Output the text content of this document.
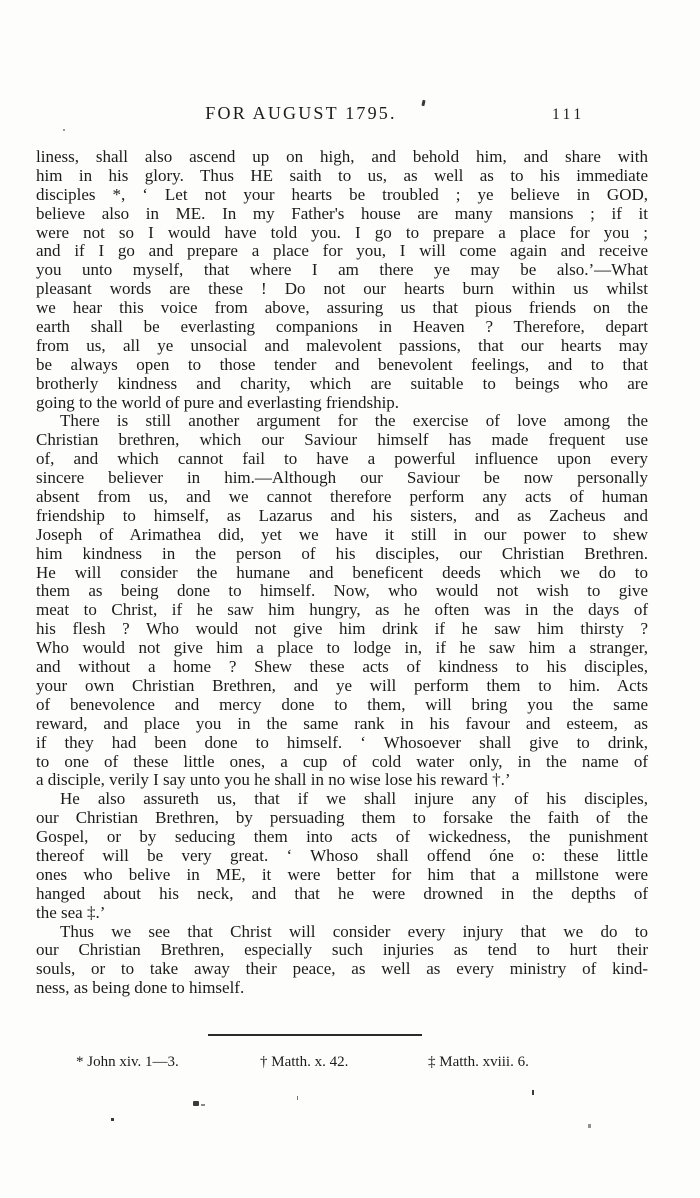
FOR AUGUST 1795.	111
liness, shall also ascend up on high, and behold him, and share with
him in his glory. Thus HE saith to us, as well as to his immediate
disciples *, ‘ Let not your hearts be troubled ; ye believe in GOD,
believe also in ME. In my Father's house are many mansions ; if it
were not so I would have told you. I go to prepare a place for you ;
and if I go and prepare a place for you, I will come again and receive
you unto myself, that where I am there ye may be also.’—What
pleasant words are these ! Do not our hearts burn within us whilst
we hear this voice from above, assuring us that pious friends on the
earth shall be everlasting companions in Heaven ? Therefore, depart
from us, all ye unsocial and malevolent passions, that our hearts may
be always open to those tender and benevolent feelings, and to that
brotherly kindness and charity, which are suitable to beings who are
going to the world of pure and everlasting friendship.
There is still another argument for the exercise of love among the
Christian brethren, which our Saviour himself has made frequent use
of, and which cannot fail to have a powerful influence upon every
sincere believer in him.—Although our Saviour be now personally
absent from us, and we cannot therefore perform any acts of human
friendship to himself, as Lazarus and his sisters, and as Zacheus and
Joseph of Arimathea did, yet we have it still in our power to shew
him kindness in the person of his disciples, our Christian Brethren.
He will consider the humane and beneficent deeds which we do to
them as being done to himself. Now, who would not wish to give
meat to Christ, if he saw him hungry, as he often was in the days of
his flesh ? Who would not give him drink if he saw him thirsty ?
Who would not give him a place to lodge in, if he saw him a stranger,
and without a home ? Shew these acts of kindness to his disciples,
your own Christian Brethren, and ye will perform them to him. Acts
of benevolence and mercy done to them, will bring you the same
reward, and place you in the same rank in his favour and esteem, as
if they had been done to himself. ‘ Whosoever shall give to drink,
to one of these little ones, a cup of cold water only, in the name of
a disciple, verily I say unto you he shall in no wise lose his reward †.’
He also assureth us, that if we shall injure any of his disciples,
our Christian Brethren, by persuading them to forsake the faith of the
Gospel, or by seducing them into acts of wickedness, the punishment
thereof will be very great. ‘ Whoso shall offend óne o: these little
ones who belive in ME, it were better for him that a millstone were
hanged about his neck, and that he were drowned in the depths of
the sea ‡.’
Thus we see that Christ will consider every injury that we do to
our Christian Brethren, especially such injuries as tend to hurt their
souls, or to take away their peace, as well as every ministry of kind-
ness, as being done to himself.
* John xiv. 1—3.	† Matth. x. 42.	‡ Matth. xviii. 6.
